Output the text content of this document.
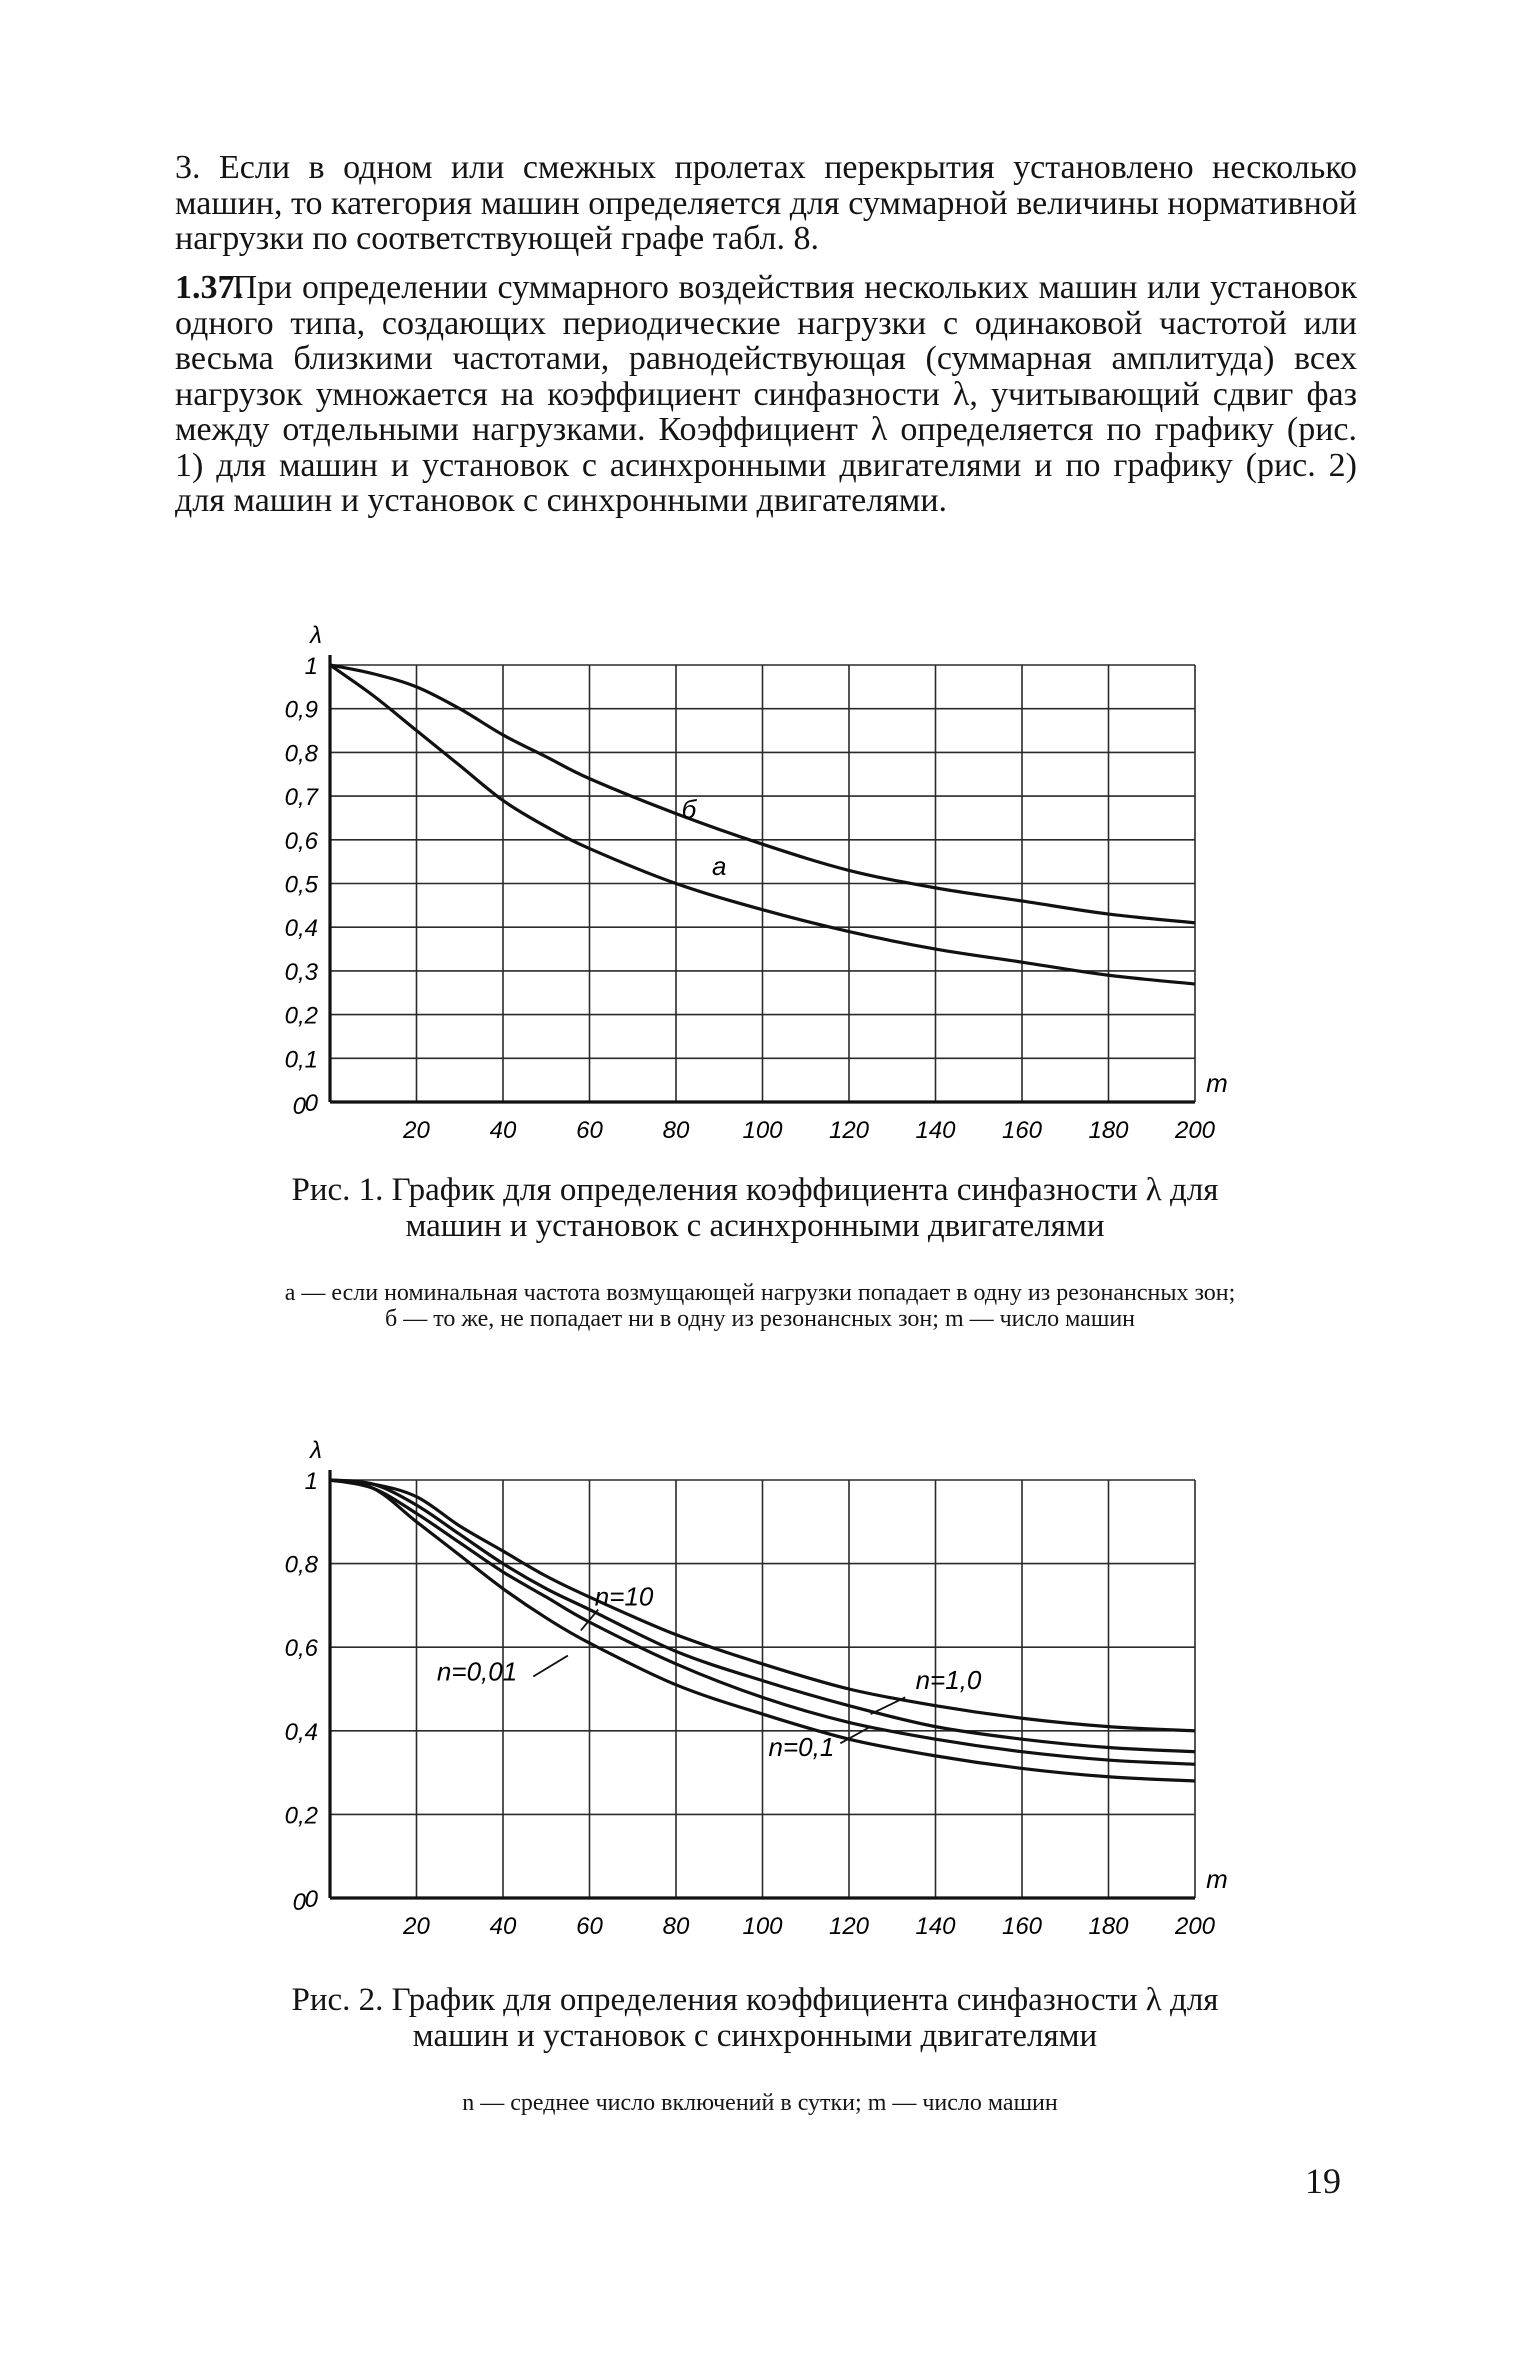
3. Если в одном или смежных пролетах перекрытия установлено несколько машин, то категория машин определяется для суммарной величины нормативной нагрузки по соответствующей графе табл. 8.

1.37. При определении суммарного воздействия нескольких машин или установок одного типа, создающих периодические нагрузки с одинаковой частотой или весьма близкими частотами, равнодействующая (суммарная амплитуда) всех нагрузок умножается на коэффициент синфазности λ, учитывающий сдвиг фаз между отдельными нагрузками. Коэффициент λ определяется по графику (рис. 1) для машин и установок с асинхронными двигателями и по графику (рис. 2) для машин и установок с синхронными двигателями.

0
0,1
0,2
0,3
0,4
0,5
0,6
0,7
0,8
0,9
1
20 40 60 80 100 120 140 160 180 200
0
λ
m
б
а

Рис. 1. График для определения коэффициента синфазности λ для машин и установок с асинхронными двигателями

а — если номинальная частота возмущающей нагрузки попадает в одну из резонансных зон; б — то же, не попадает ни в одну из резонансных зон; m — число машин

0
0,2
0,4
0,6
0,8
1
20 40 60 80 100 120 140 160 180 200
0
λ
m
n=10
n=1,0
n=0,01
n=0,1

Рис. 2. График для определения коэффициента синфазности λ для машин и установок с синхронными двигателями

n — среднее число включений в сутки; m — число машин

19
